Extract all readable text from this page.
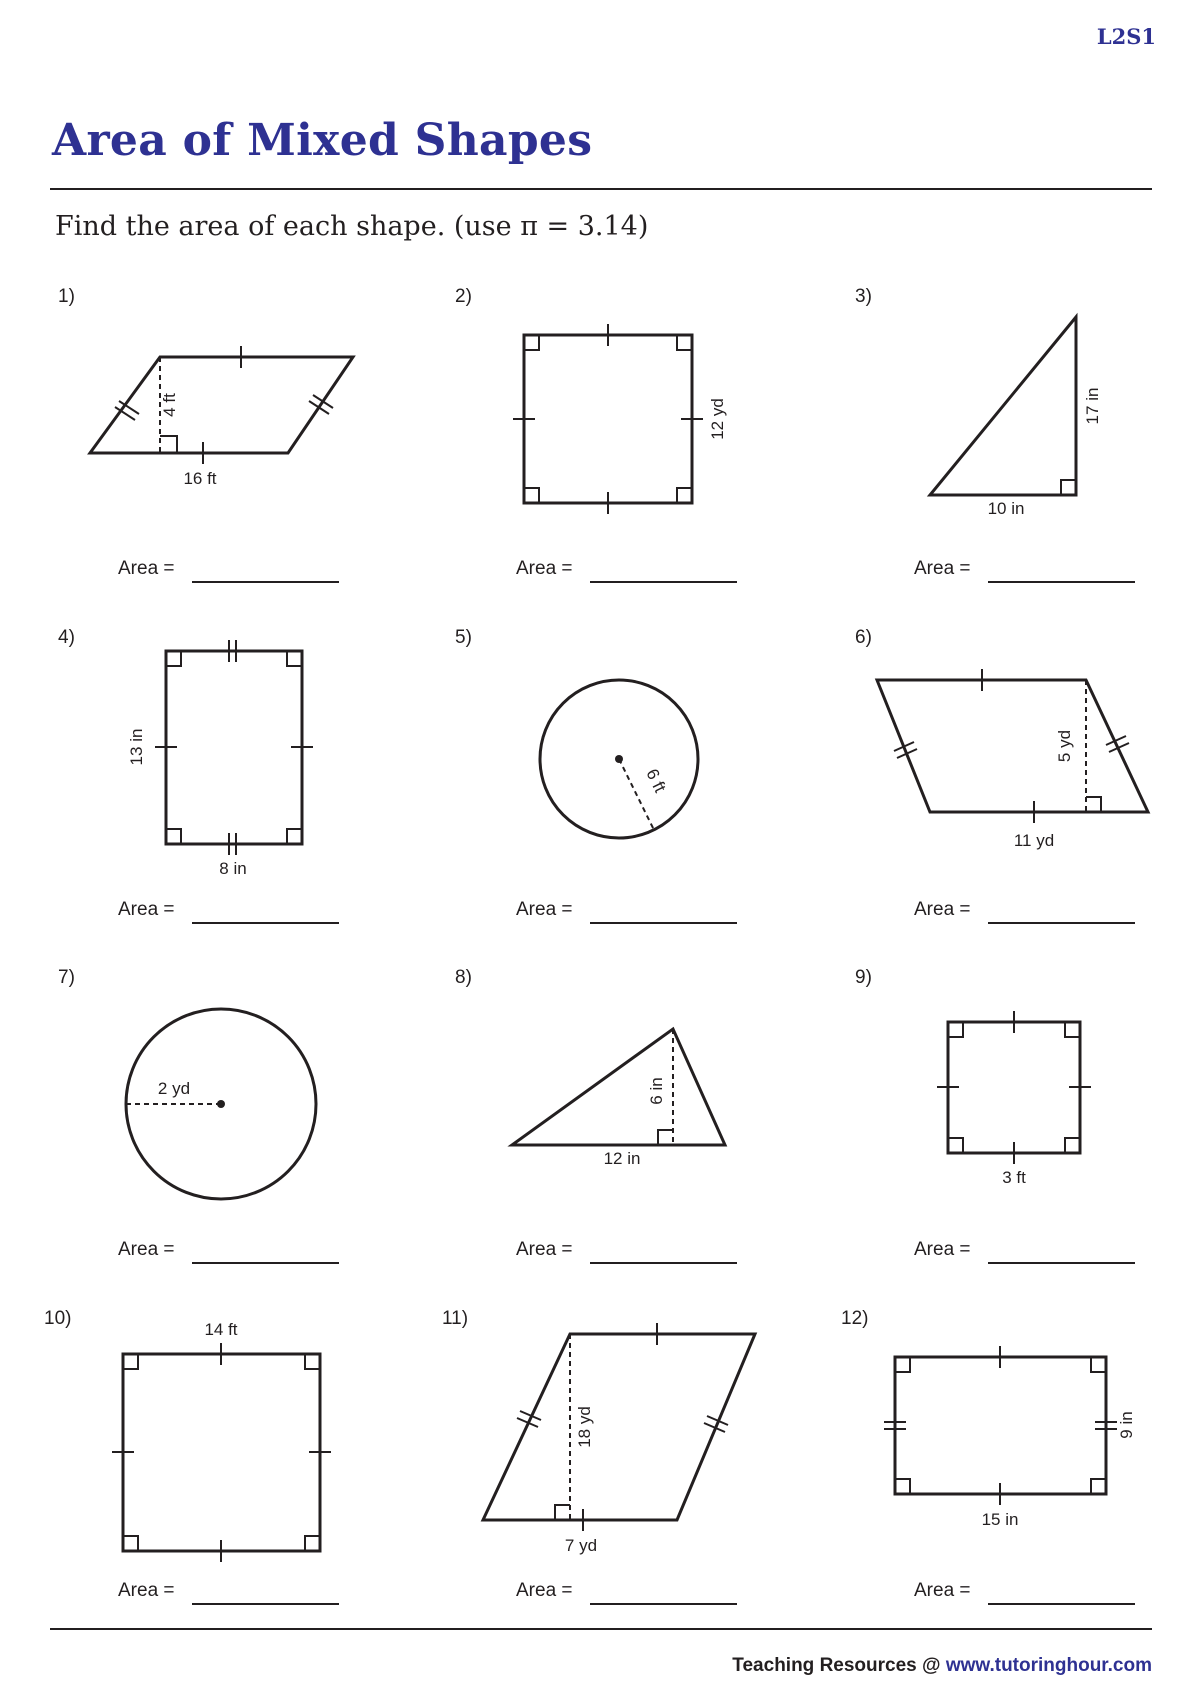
L2S1
Area of Mixed Shapes
Find the area of each shape. (use π = 3.14)
1)
4 ft
16 ft
Area =
2)
12 yd
Area =
3)
17 in
10 in
Area =
4)
13 in
8 in
Area =
5)
6 ft
Area =
6)
5 yd
11 yd
Area =
7)
2 yd
Area =
8)
6 in
12 in
Area =
9)
3 ft
Area =
10)
14 ft
Area =
11)
18 yd
7 yd
Area =
12)
9 in
15 in
Area =
Teaching Resources @ www.tutoringhour.com
